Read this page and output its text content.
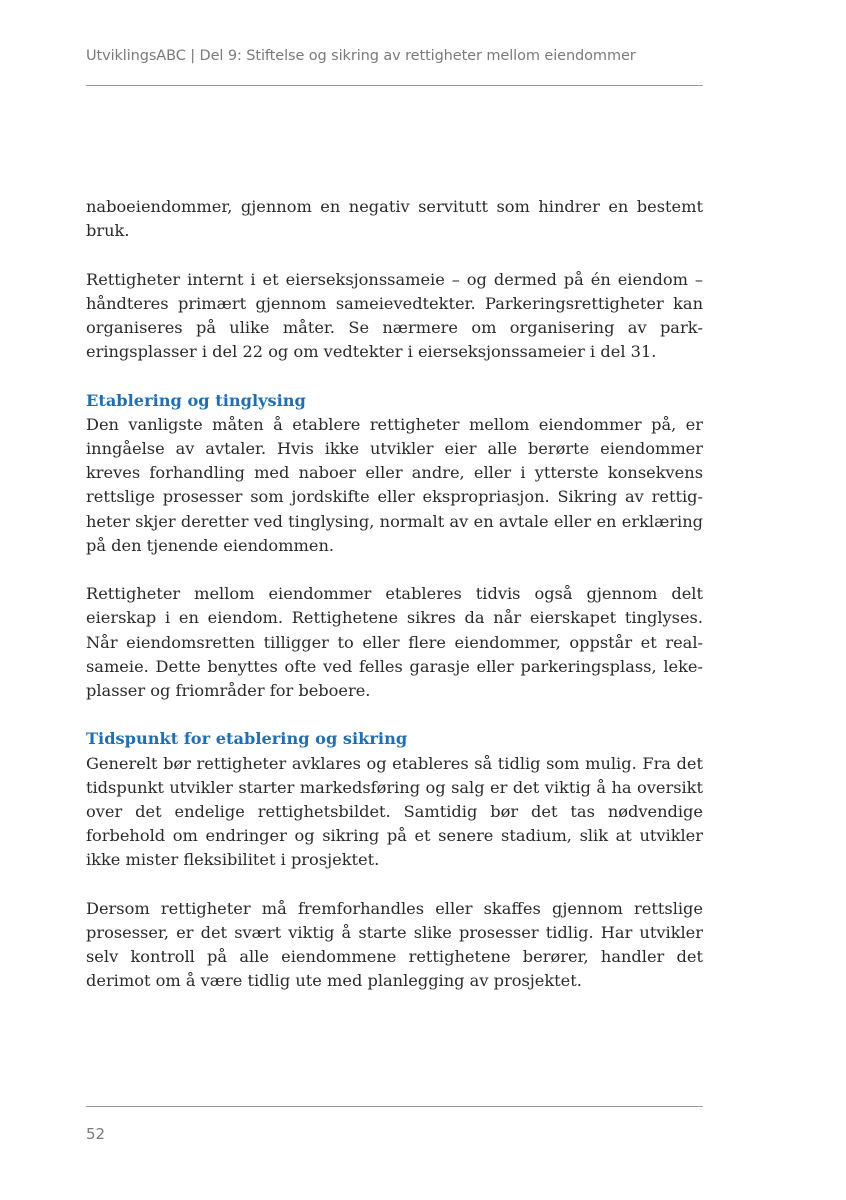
UtviklingsABC | Del 9: Stiftelse og sikring av rettigheter mellom eiendommer

naboeiendommer, gjennom en negativ servitutt som hindrer en bestemt bruk.

Rettigheter internt i et eierseksjonssameie – og dermed på én eiendom – håndteres primært gjennom sameievedtekter. Parkeringsrettigheter kan organiseres på ulike måter. Se nærmere om organisering av parkeringsplasser i del 22 og om vedtekter i eierseksjonssameier i del 31.

Etablering og tinglysing

Den vanligste måten å etablere rettigheter mellom eiendommer på, er inngåelse av avtaler. Hvis ikke utvikler eier alle berørte eiendommer kreves forhandling med naboer eller andre, eller i ytterste konsekvens rettslige prosesser som jordskifte eller ekspropriasjon. Sikring av rettigheter skjer deretter ved tinglysing, normalt av en avtale eller en erklæring på den tjenende eiendommen.

Rettigheter mellom eiendommer etableres tidvis også gjennom delt eierskap i en eiendom. Rettighetene sikres da når eierskapet tinglyses. Når eiendomsretten tilligger to eller flere eiendommer, oppstår et realsameie. Dette benyttes ofte ved felles garasje eller parkeringsplass, lekeplasser og friområder for beboere.

Tidspunkt for etablering og sikring

Generelt bør rettigheter avklares og etableres så tidlig som mulig. Fra det tidspunkt utvikler starter markedsføring og salg er det viktig å ha oversikt over det endelige rettighetsbildet. Samtidig bør det tas nødvendige forbehold om endringer og sikring på et senere stadium, slik at utvikler ikke mister fleksibilitet i prosjektet.

Dersom rettigheter må fremforhandles eller skaffes gjennom rettslige prosesser, er det svært viktig å starte slike prosesser tidlig. Har utvikler selv kontroll på alle eiendommene rettighetene berører, handler det derimot om å være tidlig ute med planlegging av prosjektet.

52
